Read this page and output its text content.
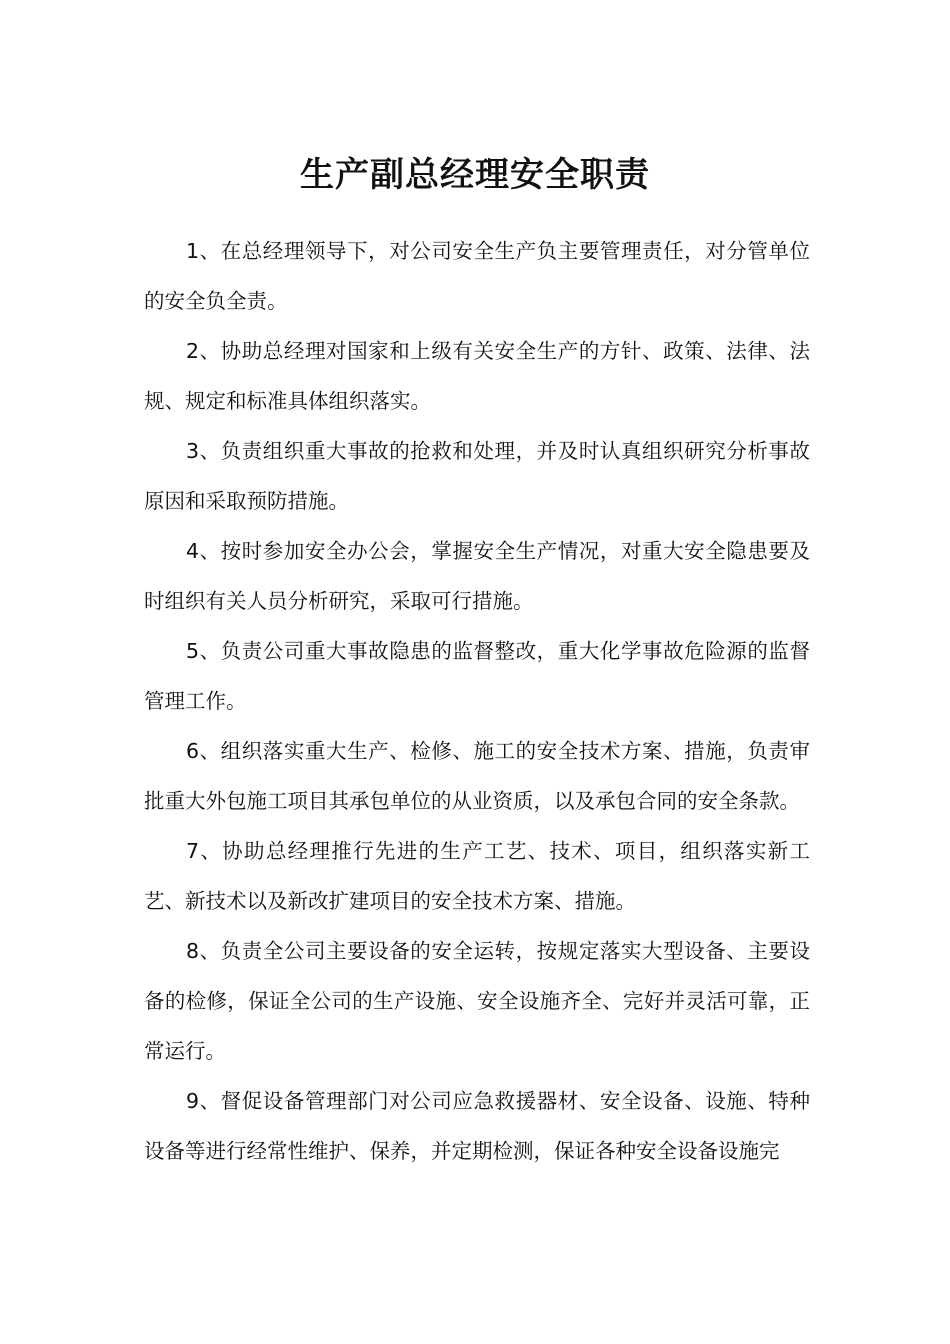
生产副总经理安全职责

1、在总经理领导下，对公司安全生产负主要管理责任，对分管单位的安全负全责。

2、协助总经理对国家和上级有关安全生产的方针、政策、法律、法规、规定和标准具体组织落实。

3、负责组织重大事故的抢救和处理，并及时认真组织研究分析事故原因和采取预防措施。

4、按时参加安全办公会，掌握安全生产情况，对重大安全隐患要及时组织有关人员分析研究，采取可行措施。

5、负责公司重大事故隐患的监督整改，重大化学事故危险源的监督管理工作。

6、组织落实重大生产、检修、施工的安全技术方案、措施，负责审批重大外包施工项目其承包单位的从业资质，以及承包合同的安全条款。

7、协助总经理推行先进的生产工艺、技术、项目，组织落实新工艺、新技术以及新改扩建项目的安全技术方案、措施。

8、负责全公司主要设备的安全运转，按规定落实大型设备、主要设备的检修，保证全公司的生产设施、安全设施齐全、完好并灵活可靠，正常运行。

9、督促设备管理部门对公司应急救援器材、安全设备、设施、特种设备等进行经常性维护、保养，并定期检测，保证各种安全设备设施完
